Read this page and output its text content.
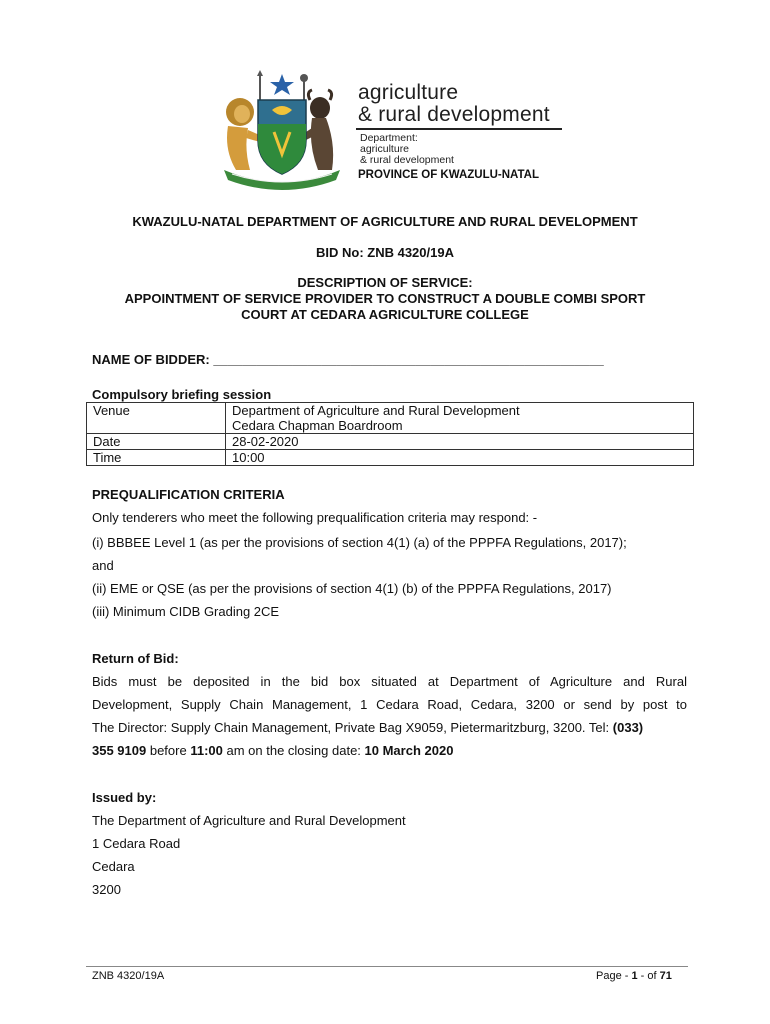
agriculture
& rural development
Department:
agriculture
& rural development
PROVINCE OF KWAZULU-NATAL
KWAZULU-NATAL DEPARTMENT OF AGRICULTURE AND RURAL DEVELOPMENT
BID No: ZNB 4320/19A
DESCRIPTION OF SERVICE:
APPOINTMENT OF SERVICE PROVIDER TO CONSTRUCT A DOUBLE COMBI SPORT
COURT AT CEDARA AGRICULTURE COLLEGE
NAME OF BIDDER: ______________________________________________________
Compulsory briefing session
Venue	Department of Agriculture and Rural Development
Cedara Chapman Boardroom

Date	28-02-2020
Time	10:00
PREQUALIFICATION CRITERIA
Only tenderers who meet the following prequalification criteria may respond: -
(i) BBBEE Level 1 (as per the provisions of section 4(1) (a) of the PPPFA Regulations, 2017);
and
(ii) EME or QSE (as per the provisions of section 4(1) (b) of the PPPFA Regulations, 2017)
(iii) Minimum CIDB Grading 2CE
Return of Bid:
Bids must be deposited in the bid box situated at Department of Agriculture and Rural
Development, Supply Chain Management, 1 Cedara Road, Cedara, 3200 or send by post to
The Director: Supply Chain Management, Private Bag X9059, Pietermaritzburg, 3200. Tel: (033)
355 9109 before 11:00 am on the closing date: 10 March 2020
Issued by:
The Department of Agriculture and Rural Development
1 Cedara Road
Cedara
3200
ZNB 4320/19A	Page - 1 - of 71
